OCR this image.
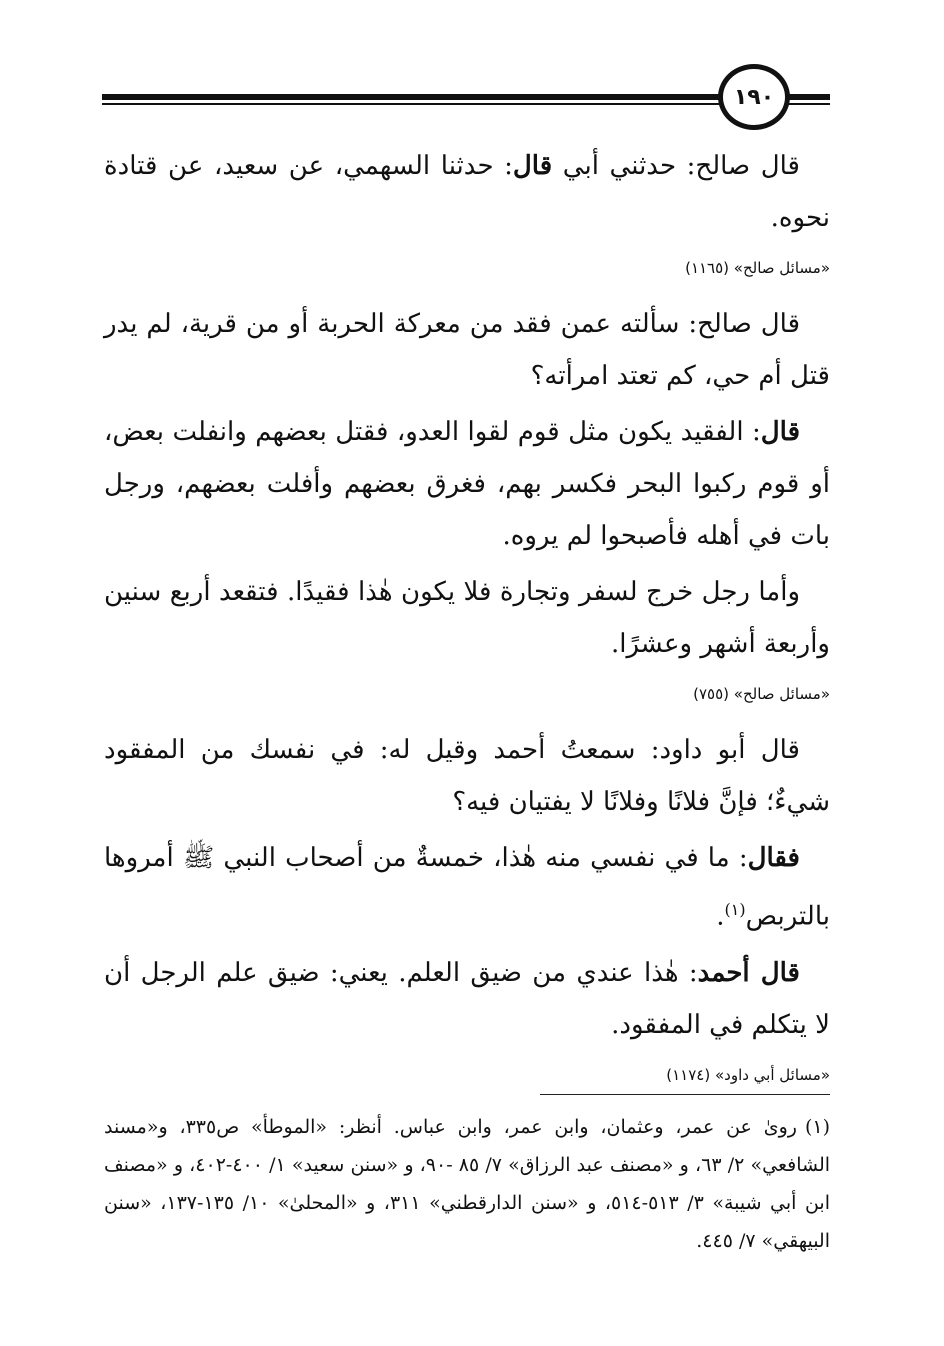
١٩٠

قال صالح: حدثني أبي قال: حدثنا السهمي، عن سعيد، عن قتادة نحوه.

«مسائل صالح» (١١٦٥)

قال صالح: سألته عمن فقد من معركة الحربة أو من قرية، لم يدر قتل أم حي، كم تعتد امرأته؟

قال: الفقيد يكون مثل قوم لقوا العدو، فقتل بعضهم وانفلت بعض، أو قوم ركبوا البحر فكسر بهم، فغرق بعضهم وأفلت بعضهم، ورجل بات في أهله فأصبحوا لم يروه.

وأما رجل خرج لسفر وتجارة فلا يكون هٰذا فقيدًا. فتقعد أربع سنين وأربعة أشهر وعشرًا.

«مسائل صالح» (٧٥٥)

قال أبو داود: سمعتُ أحمد وقيل له: في نفسك من المفقود شيءٌ؛ فإنَّ فلانًا وفلانًا لا يفتيان فيه؟

فقال: ما في نفسي منه هٰذا، خمسةٌ من أصحاب النبي ﷺ أمروها بالتربص$^{(١)}$.

قال أحمد: هٰذا عندي من ضيق العلم. يعني: ضيق علم الرجل أن لا يتكلم في المفقود.

«مسائل أبي داود» (١١٧٤)
(١)روىٰ عن عمر، وعثمان، وابن عمر، وابن عباس. أنظر: «الموطأ» ص٣٣٥، و«مسند الشافعي» ٢/ ٦٣، و «مصنف عبد الرزاق» ٧/ ٨٥ -٩٠، و «سنن سعيد» ١/ ٤٠٠-٤٠٢، و «مصنف ابن أبي شيبة» ٣/ ٥١٣-٥١٤، و «سنن الدارقطني» ٣١١، و «المحلىٰ» ١٠/ ١٣٥-١٣٧، «سنن البيهقي» ٧/ ٤٤٥.
